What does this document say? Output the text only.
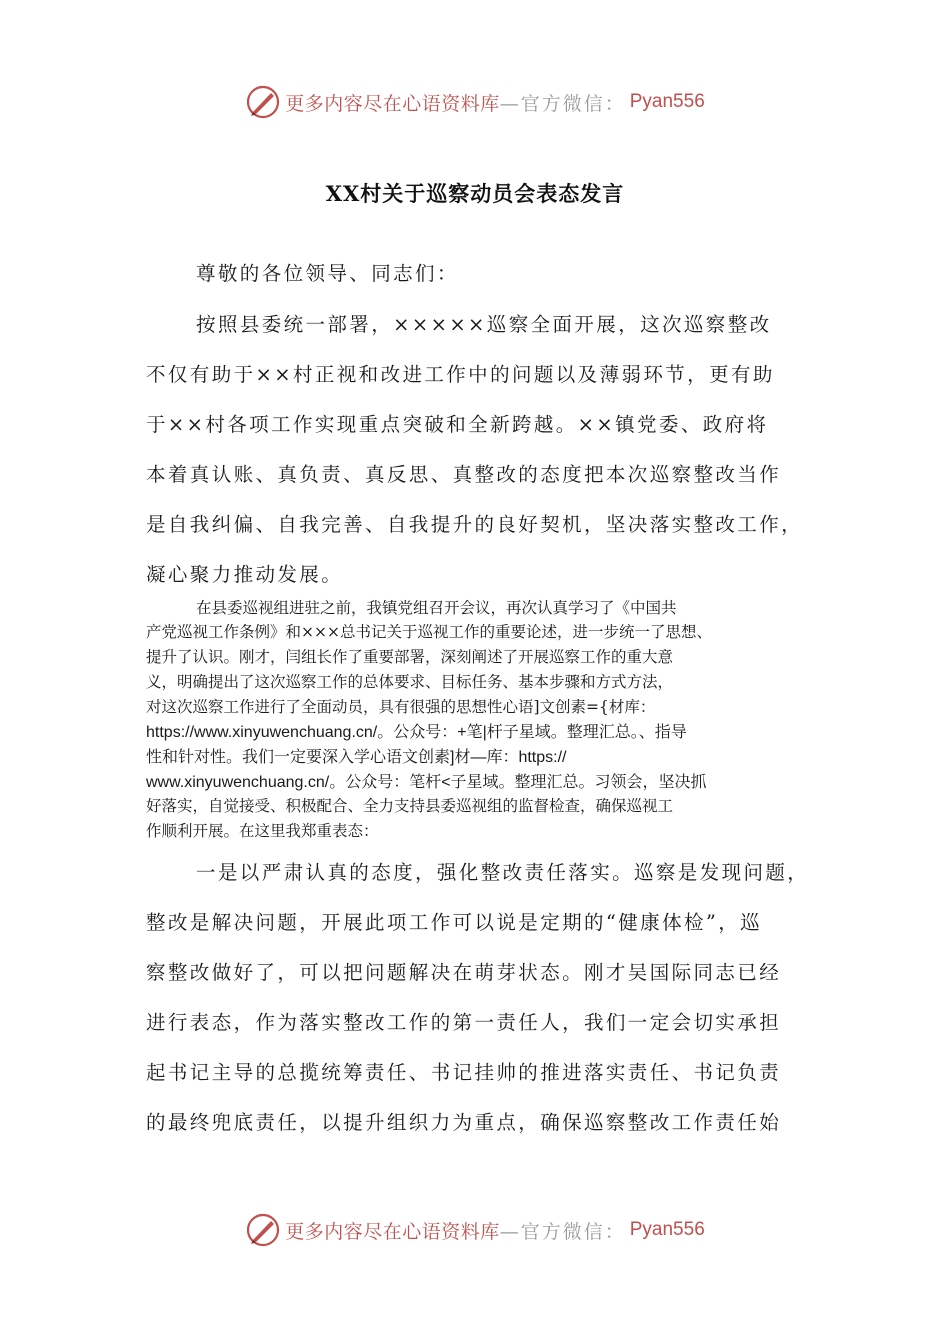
更多内容尽在心语资料库 —官方微信： Pyan556
XX村关于巡察动员会表态发言
尊敬的各位领导、同志们：
按照县委统一部署，×××××巡察全面开展，这次巡察整改
不仅有助于××村正视和改进工作中的问题以及薄弱环节，更有助
于××村各项工作实现重点突破和全新跨越。××镇党委、政府将
本着真认账、真负责、真反思、真整改的态度把本次巡察整改当作
是自我纠偏、自我完善、自我提升的良好契机，坚决落实整改工作，
凝心聚力推动发展。
在县委巡视组进驻之前，我镇党组召开会议，再次认真学习了《中国共
产党巡视工作条例》和×××总书记关于巡视工作的重要论述，进一步统一了思想、
提升了认识。刚才，闫组长作了重要部署，深刻阐述了开展巡察工作的重大意
义，明确提出了这次巡察工作的总体要求、目标任务、基本步骤和方式方法，
对这次巡察工作进行了全面动员，具有很强的思想性心语]文创素={材库：
https://www.xinyuwenchuang.cn/。公众号：+笔|杆子星域。整理汇总。、指导
性和针对性。我们一定要深入学心语文创素]材—库：https://
www.xinyuwenchuang.cn/。公众号：笔杆<子星域。整理汇总。习领会，坚决抓
好落实，自觉接受、积极配合、全力支持县委巡视组的监督检查，确保巡视工
作顺利开展。在这里我郑重表态：
一是以严肃认真的态度，强化整改责任落实。巡察是发现问题，
整改是解决问题，开展此项工作可以说是定期的“健康体检”，巡
察整改做好了，可以把问题解决在萌芽状态。刚才吴国际同志已经
进行表态，作为落实整改工作的第一责任人，我们一定会切实承担
起书记主导的总揽统筹责任、书记挂帅的推进落实责任、书记负责
的最终兜底责任，以提升组织力为重点，确保巡察整改工作责任始
更多内容尽在心语资料库 —官方微信： Pyan556
